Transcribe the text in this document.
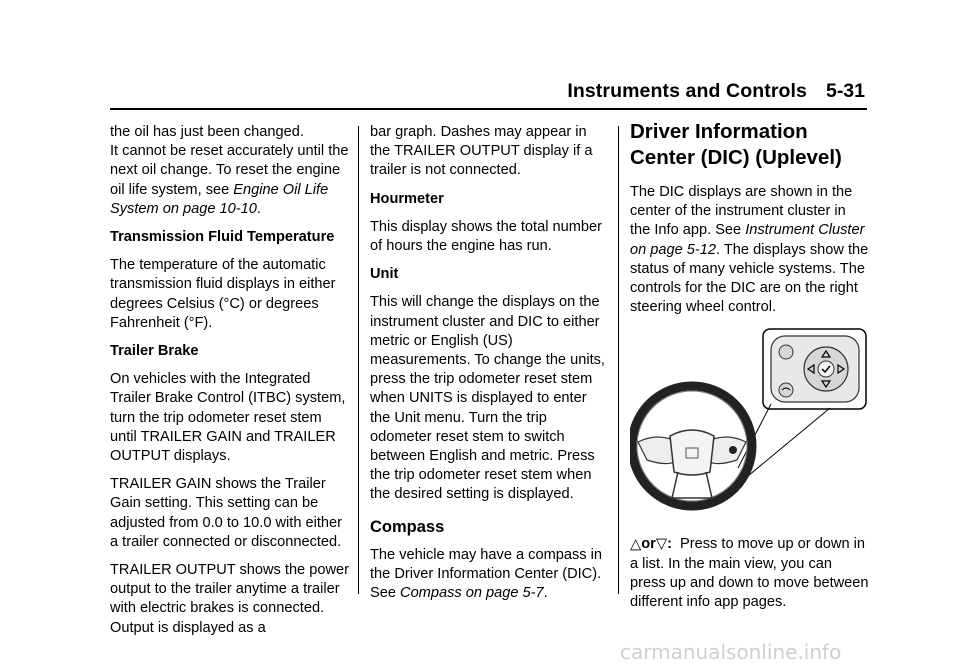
Instruments and Controls 5-31

the oil has just been changed.
It cannot be reset accurately until the next oil change. To reset the engine oil life system, see Engine Oil Life System on page 10-10.

Transmission Fluid Temperature

The temperature of the automatic transmission fluid displays in either degrees Celsius (°C) or degrees Fahrenheit (°F).

Trailer Brake

On vehicles with the Integrated Trailer Brake Control (ITBC) system, turn the trip odometer reset stem until TRAILER GAIN and TRAILER OUTPUT displays.

TRAILER GAIN shows the Trailer Gain setting. This setting can be adjusted from 0.0 to 10.0 with either a trailer connected or disconnected.

TRAILER OUTPUT shows the power output to the trailer anytime a trailer with electric brakes is connected. Output is displayed as a

bar graph. Dashes may appear in the TRAILER OUTPUT display if a trailer is not connected.

Hourmeter

This display shows the total number of hours the engine has run.

Unit

This will change the displays on the instrument cluster and DIC to either metric or English (US) measurements. To change the units, press the trip odometer reset stem when UNITS is displayed to enter the Unit menu. Turn the trip odometer reset stem to switch between English and metric. Press the trip odometer reset stem when the desired setting is displayed.

Compass

The vehicle may have a compass in the Driver Information Center (DIC). See Compass on page 5-7.

Driver Information Center (DIC) (Uplevel)

The DIC displays are shown in the center of the instrument cluster in the Info app. See Instrument Cluster on page 5-12. The displays show the status of many vehicle systems. The controls for the DIC are on the right steering wheel control.

▽or▽: Press to move up or down in a list. In the main view, you can press up and down to move between different info app pages.

carmanualsonline.info
